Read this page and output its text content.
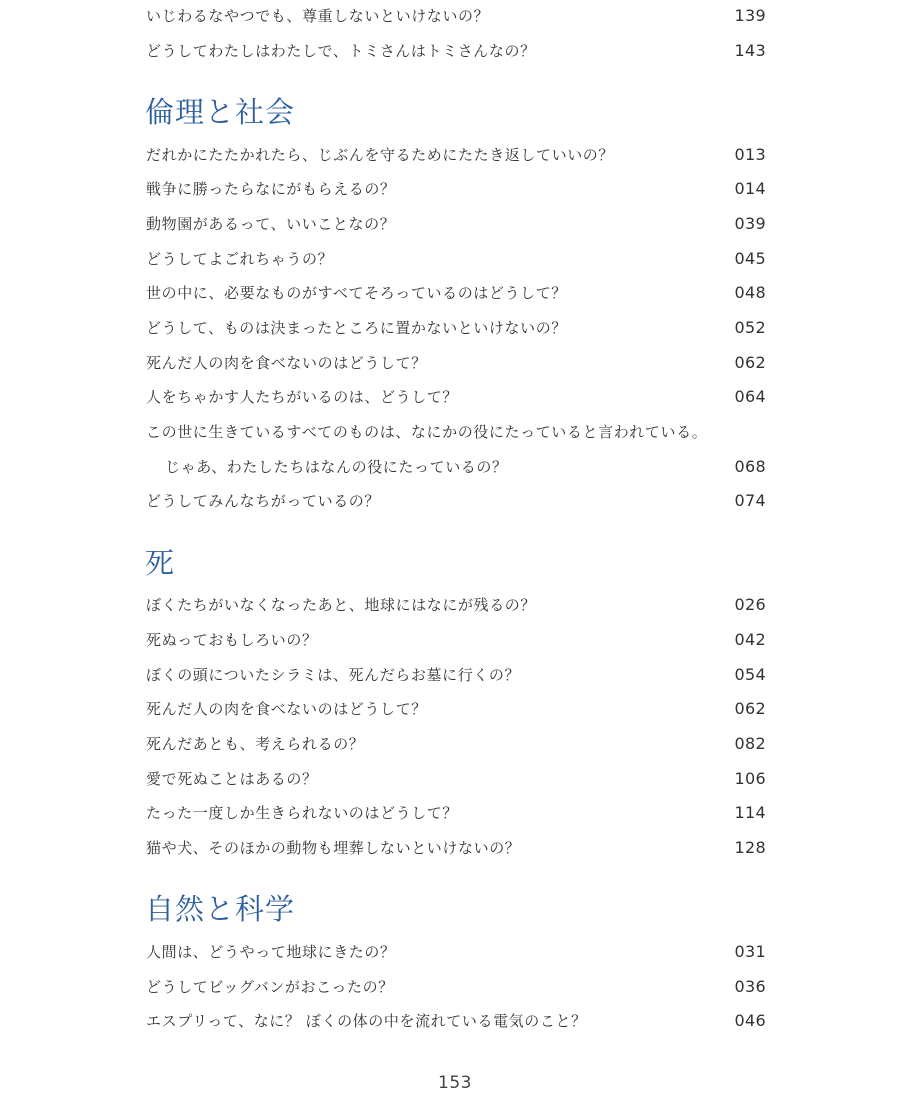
いじわるなやつでも、尊重しないといけないの？	139
どうしてわたしはわたしで、トミさんはトミさんなの？	143
倫理と社会
だれかにたたかれたら、じぶんを守るためにたたき返していいの？	013
戦争に勝ったらなにがもらえるの？	014
動物園があるって、いいことなの？	039
どうしてよごれちゃうの？	045
世の中に、必要なものがすべてそろっているのはどうして？	048
どうして、ものは決まったところに置かないといけないの？	052
死んだ人の肉を食べないのはどうして？	062
人をちゃかす人たちがいるのは、どうして？	064
この世に生きているすべてのものは、なにかの役にたっていると言われている。
じゃあ、わたしたちはなんの役にたっているの？	068
どうしてみんなちがっているの？	074
死
ぼくたちがいなくなったあと、地球にはなにが残るの？	026
死ぬっておもしろいの？	042
ぼくの頭についたシラミは、死んだらお墓に行くの？	054
死んだ人の肉を食べないのはどうして？	062
死んだあとも、考えられるの？	082
愛で死ぬことはあるの？	106
たった一度しか生きられないのはどうして？	114
猫や犬、そのほかの動物も埋葬しないといけないの？	128
自然と科学
人間は、どうやって地球にきたの？	031
どうしてビッグバンがおこったの？	036
エスプリって、なに？ ぼくの体の中を流れている電気のこと？	046
153
